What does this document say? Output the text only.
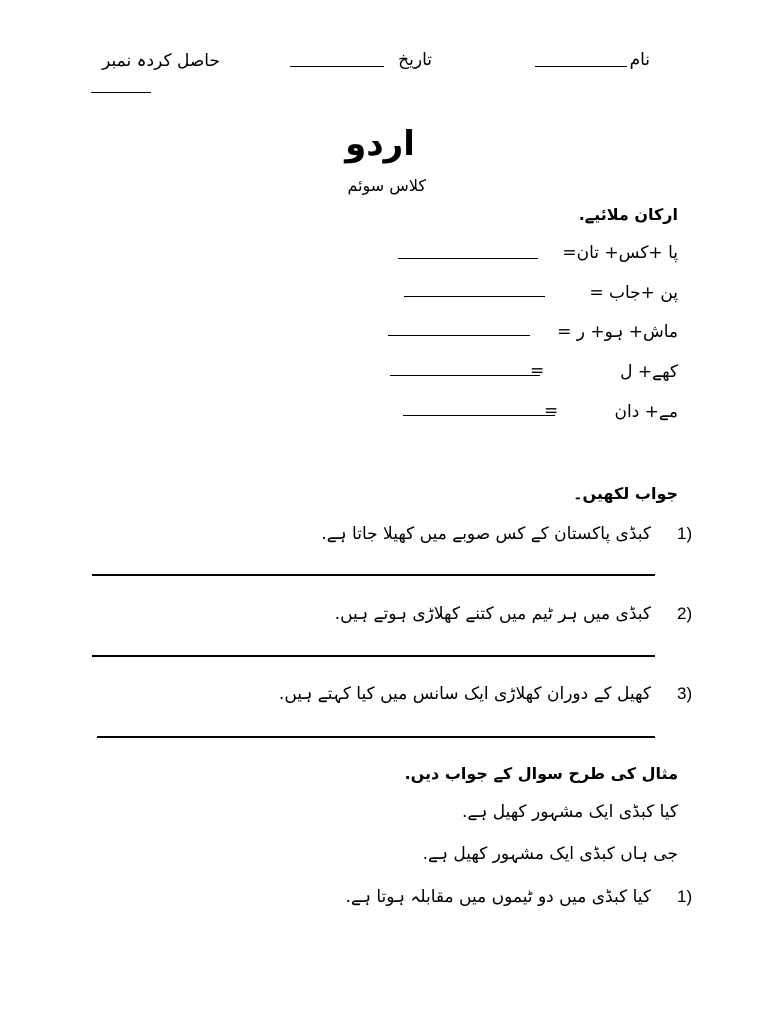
نام
تاریخ
حاصل کردہ نمبر
اردو
کلاس سوئم
ارکان ملائیے.
پا +کس+ تان=
پن +جاب =
ماش+ ہو+ ر =
کھے+ ل
=
مے+ دان
=
جواب لکھیں۔
1)
کبڈی پاکستان کے کس صوبے میں کھیلا جاتا ہے.
2)
کبڈی میں ہر ٹیم میں کتنے کھلاڑی ہوتے ہیں.
3)
کھیل کے دوران کھلاڑی ایک سانس میں کیا کہتے ہیں.
مثال کی طرح سوال کے جواب دیں.
کیا کبڈی ایک مشہور کھیل ہے.
جی ہاں کبڈی ایک مشہور کھیل ہے.
1)
کیا کبڈی میں دو ٹیموں میں مقابلہ ہوتا ہے.
